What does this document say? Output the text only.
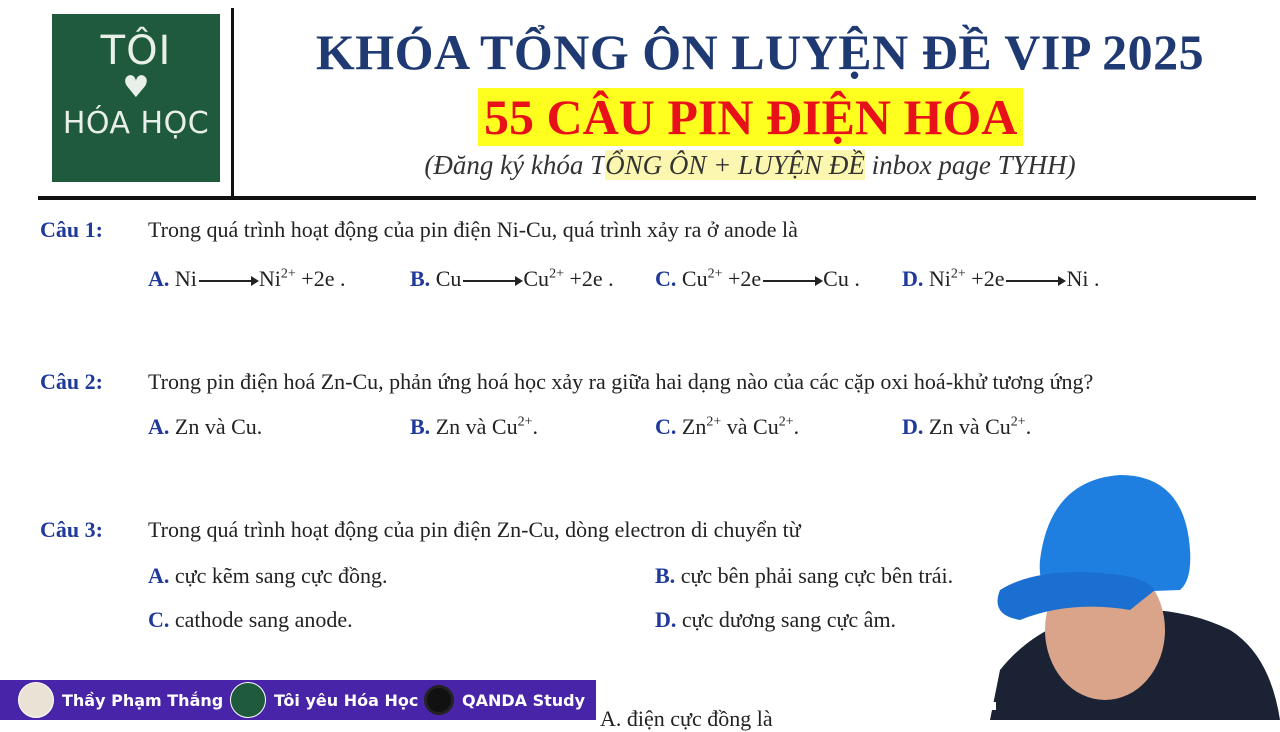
TÔI
♥
HÓA HỌC
KHÓA TỔNG ÔN LUYỆN ĐỀ VIP 2025
55 CÂU PIN ĐIỆN HÓA
(Đăng ký khóa TỔNG ÔN + LUYỆN ĐỀ inbox page TYHH)
Câu 1: Trong quá trình hoạt động của pin điện Ni-Cu, quá trình xảy ra ở anode là
A. Ni	$Ni^{2+} +2e$ .	B. Cu	$Cu^{2+} +2e$ . C. $Cu^{2+} +2e$	Cu . D. $Ni^{2+} +2e$	Ni .
Câu 2: Trong pin điện hoá Zn-Cu, phản ứng hoá học xảy ra giữa hai dạng nào của các cặp oxi hoá-khử tương ứng?
A. Zn và Cu.	B. Zn và $Cu^{2+}$.	C. $Zn^{2+}$ và $Cu^{2+}$.	D. Zn và $Cu^{2+}$.
Câu 3: Trong quá trình hoạt động của pin điện Zn-Cu, dòng electron di chuyển từ
A. cực kẽm sang cực đồng.	B. cực bên phải sang cực bên trái.
C. cathode sang anode.	D. cực dương sang cực âm.
A. điện cực đồng là
Thầy Phạm Thắng	Tôi yêu Hóa Học	QANDA Study
